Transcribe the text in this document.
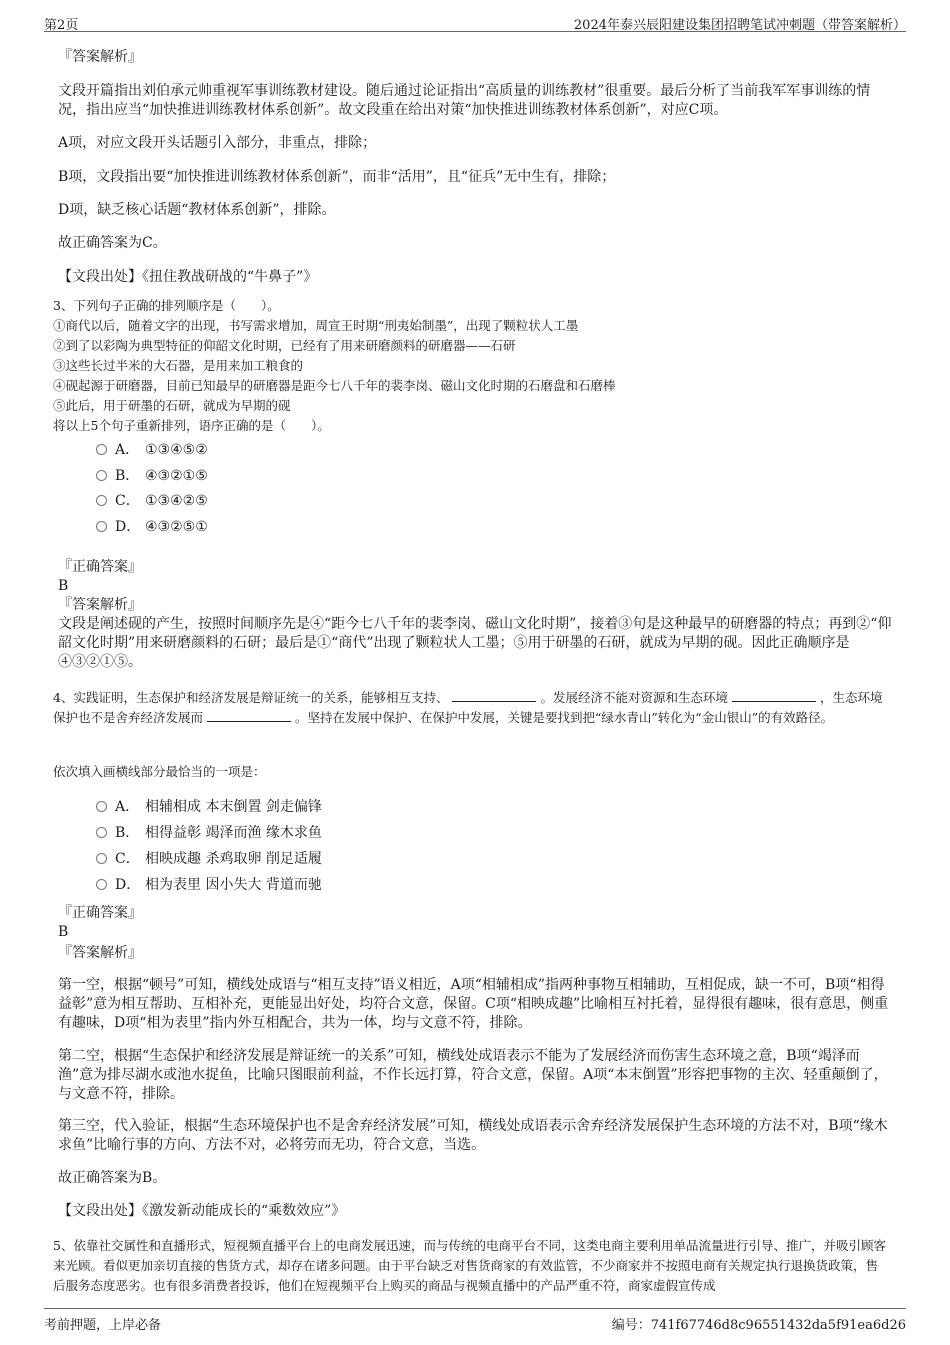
第2页	2024年泰兴辰阳建设集团招聘笔试冲刺题（带答案解析）

『答案解析』

文段开篇指出刘伯承元帅重视军事训练教材建设。随后通过论证指出“高质量的训练教材”很重要。最后分析了当前我军军事训练的情况，指出应当“加快推进训练教材体系创新”。故文段重在给出对策“加快推进训练教材体系创新”，对应C项。

A项，对应文段开头话题引入部分，非重点，排除；

B项，文段指出要“加快推进训练教材体系创新”，而非“活用”，且“征兵”无中生有，排除；

D项，缺乏核心话题“教材体系创新”，排除。

故正确答案为C。

【文段出处】《扭住教战研战的“牛鼻子”》

3、下列句子正确的排列顺序是（　　）。

①商代以后，随着文字的出现，书写需求增加，周宣王时期“刑夷始制墨”，出现了颗粒状人工墨

②到了以彩陶为典型特征的仰韶文化时期，已经有了用来研磨颜料的研磨器——石研

③这些长过半米的大石器，是用来加工粮食的

④砚起源于研磨器，目前已知最早的研磨器是距今七八千年的裴李岗、磁山文化时期的石磨盘和石磨棒

⑤此后，用于研墨的石研，就成为早期的砚

将以上5个句子重新排列，语序正确的是（　　）。

A． ①③④⑤②
B． ④③②①⑤
C． ①③④②⑤
D． ④③②⑤①

『正确答案』

B

『答案解析』

文段是阐述砚的产生，按照时间顺序先是④“距今七八千年的裴李岗、磁山文化时期”，接着③句是这种最早的研磨器的特点；再到②“仰韶文化时期”用来研磨颜料的石研；最后是①“商代”出现了颗粒状人工墨；⑤用于研墨的石研，就成为早期的砚。因此正确顺序是④③②①⑤。

4、实践证明，生态保护和经济发展是辩证统一的关系，能够相互支持、	。发展经济不能对资源和生态环境	，生态环境保护也不是舍弃经济发展而	。坚持在发展中保护、在保护中发展，关键是要找到把“绿水青山”转化为“金山银山”的有效路径。

依次填入画横线部分最恰当的一项是：

A． 相辅相成 本末倒置 剑走偏锋
B． 相得益彰 竭泽而渔 缘木求鱼
C． 相映成趣 杀鸡取卵 削足适履
D． 相为表里 因小失大 背道而驰

『正确答案』

B

『答案解析』

第一空，根据“顿号”可知，横线处成语与“相互支持”语义相近，A项“相辅相成”指两种事物互相辅助，互相促成，缺一不可，B项“相得益彰”意为相互帮助、互相补充，更能显出好处，均符合文意，保留。C项“相映成趣”比喻相互衬托着，显得很有趣味，很有意思，侧重有趣味，D项“相为表里”指内外互相配合，共为一体，均与文意不符，排除。

第二空，根据“生态保护和经济发展是辩证统一的关系”可知，横线处成语表示不能为了发展经济而伤害生态环境之意，B项“竭泽而渔”意为排尽湖水或池水捉鱼，比喻只图眼前利益，不作长远打算，符合文意，保留。A项“本末倒置”形容把事物的主次、轻重颠倒了，与文意不符，排除。

第三空，代入验证，根据“生态环境保护也不是舍弃经济发展”可知，横线处成语表示舍弃经济发展保护生态环境的方法不对，B项“缘木求鱼”比喻行事的方向、方法不对，必将劳而无功，符合文意，当选。

故正确答案为B。

【文段出处】《激发新动能成长的“乘数效应”》

5、依靠社交属性和直播形式，短视频直播平台上的电商发展迅速，而与传统的电商平台不同，这类电商主要利用单品流量进行引导、推广，并吸引顾客来光顾。看似更加亲切直接的售货方式，却存在诸多问题。由于平台缺乏对售货商家的有效监管，不少商家并不按照电商有关规定执行退换货政策，售后服务态度恶劣。也有很多消费者投诉，他们在短视频平台上购买的商品与视频直播中的产品严重不符，商家虚假宣传成

考前押题，上岸必备	编号：741f67746d8c96551432da5f91ea6d26
